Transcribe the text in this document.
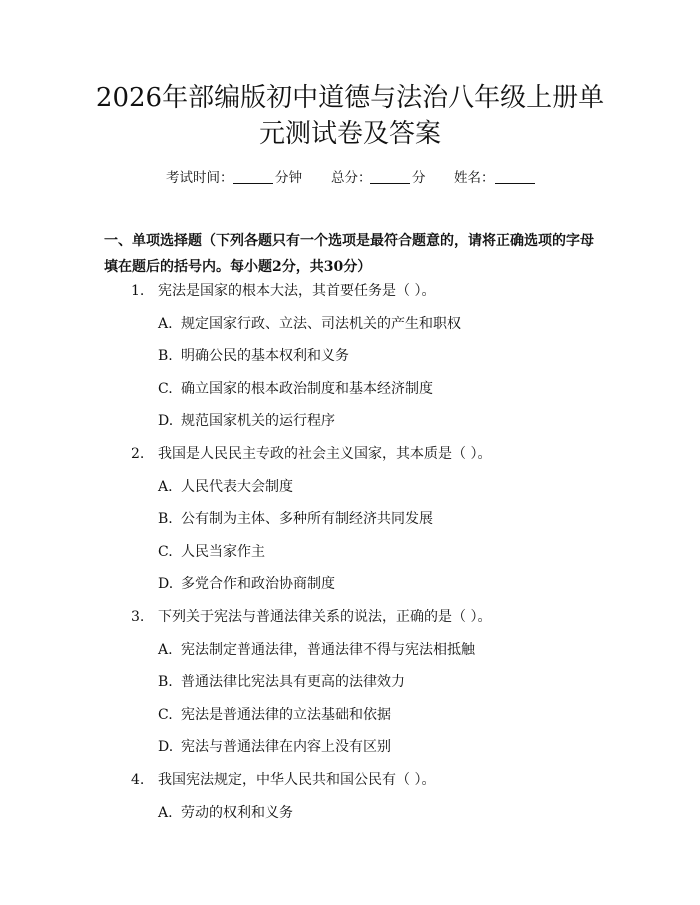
2026年部编版初中道德与法治八年级上册单
元测试卷及答案
考试时间：	分钟 总分：	分 姓名：
一、单项选择题（下列各题只有一个选项是最符合题意的，请将正确选项的字母填在题后的括号内。每小题2分，共30分）
1. 宪法是国家的根本大法，其首要任务是（ ）。
A. 规定国家行政、立法、司法机关的产生和职权
B. 明确公民的基本权利和义务
C. 确立国家的根本政治制度和基本经济制度
D. 规范国家机关的运行程序
2. 我国是人民民主专政的社会主义国家，其本质是（ ）。
A. 人民代表大会制度
B. 公有制为主体、多种所有制经济共同发展
C. 人民当家作主
D. 多党合作和政治协商制度
3. 下列关于宪法与普通法律关系的说法，正确的是（ ）。
A. 宪法制定普通法律，普通法律不得与宪法相抵触
B. 普通法律比宪法具有更高的法律效力
C. 宪法是普通法律的立法基础和依据
D. 宪法与普通法律在内容上没有区别
4. 我国宪法规定，中华人民共和国公民有（ ）。
A. 劳动的权利和义务
